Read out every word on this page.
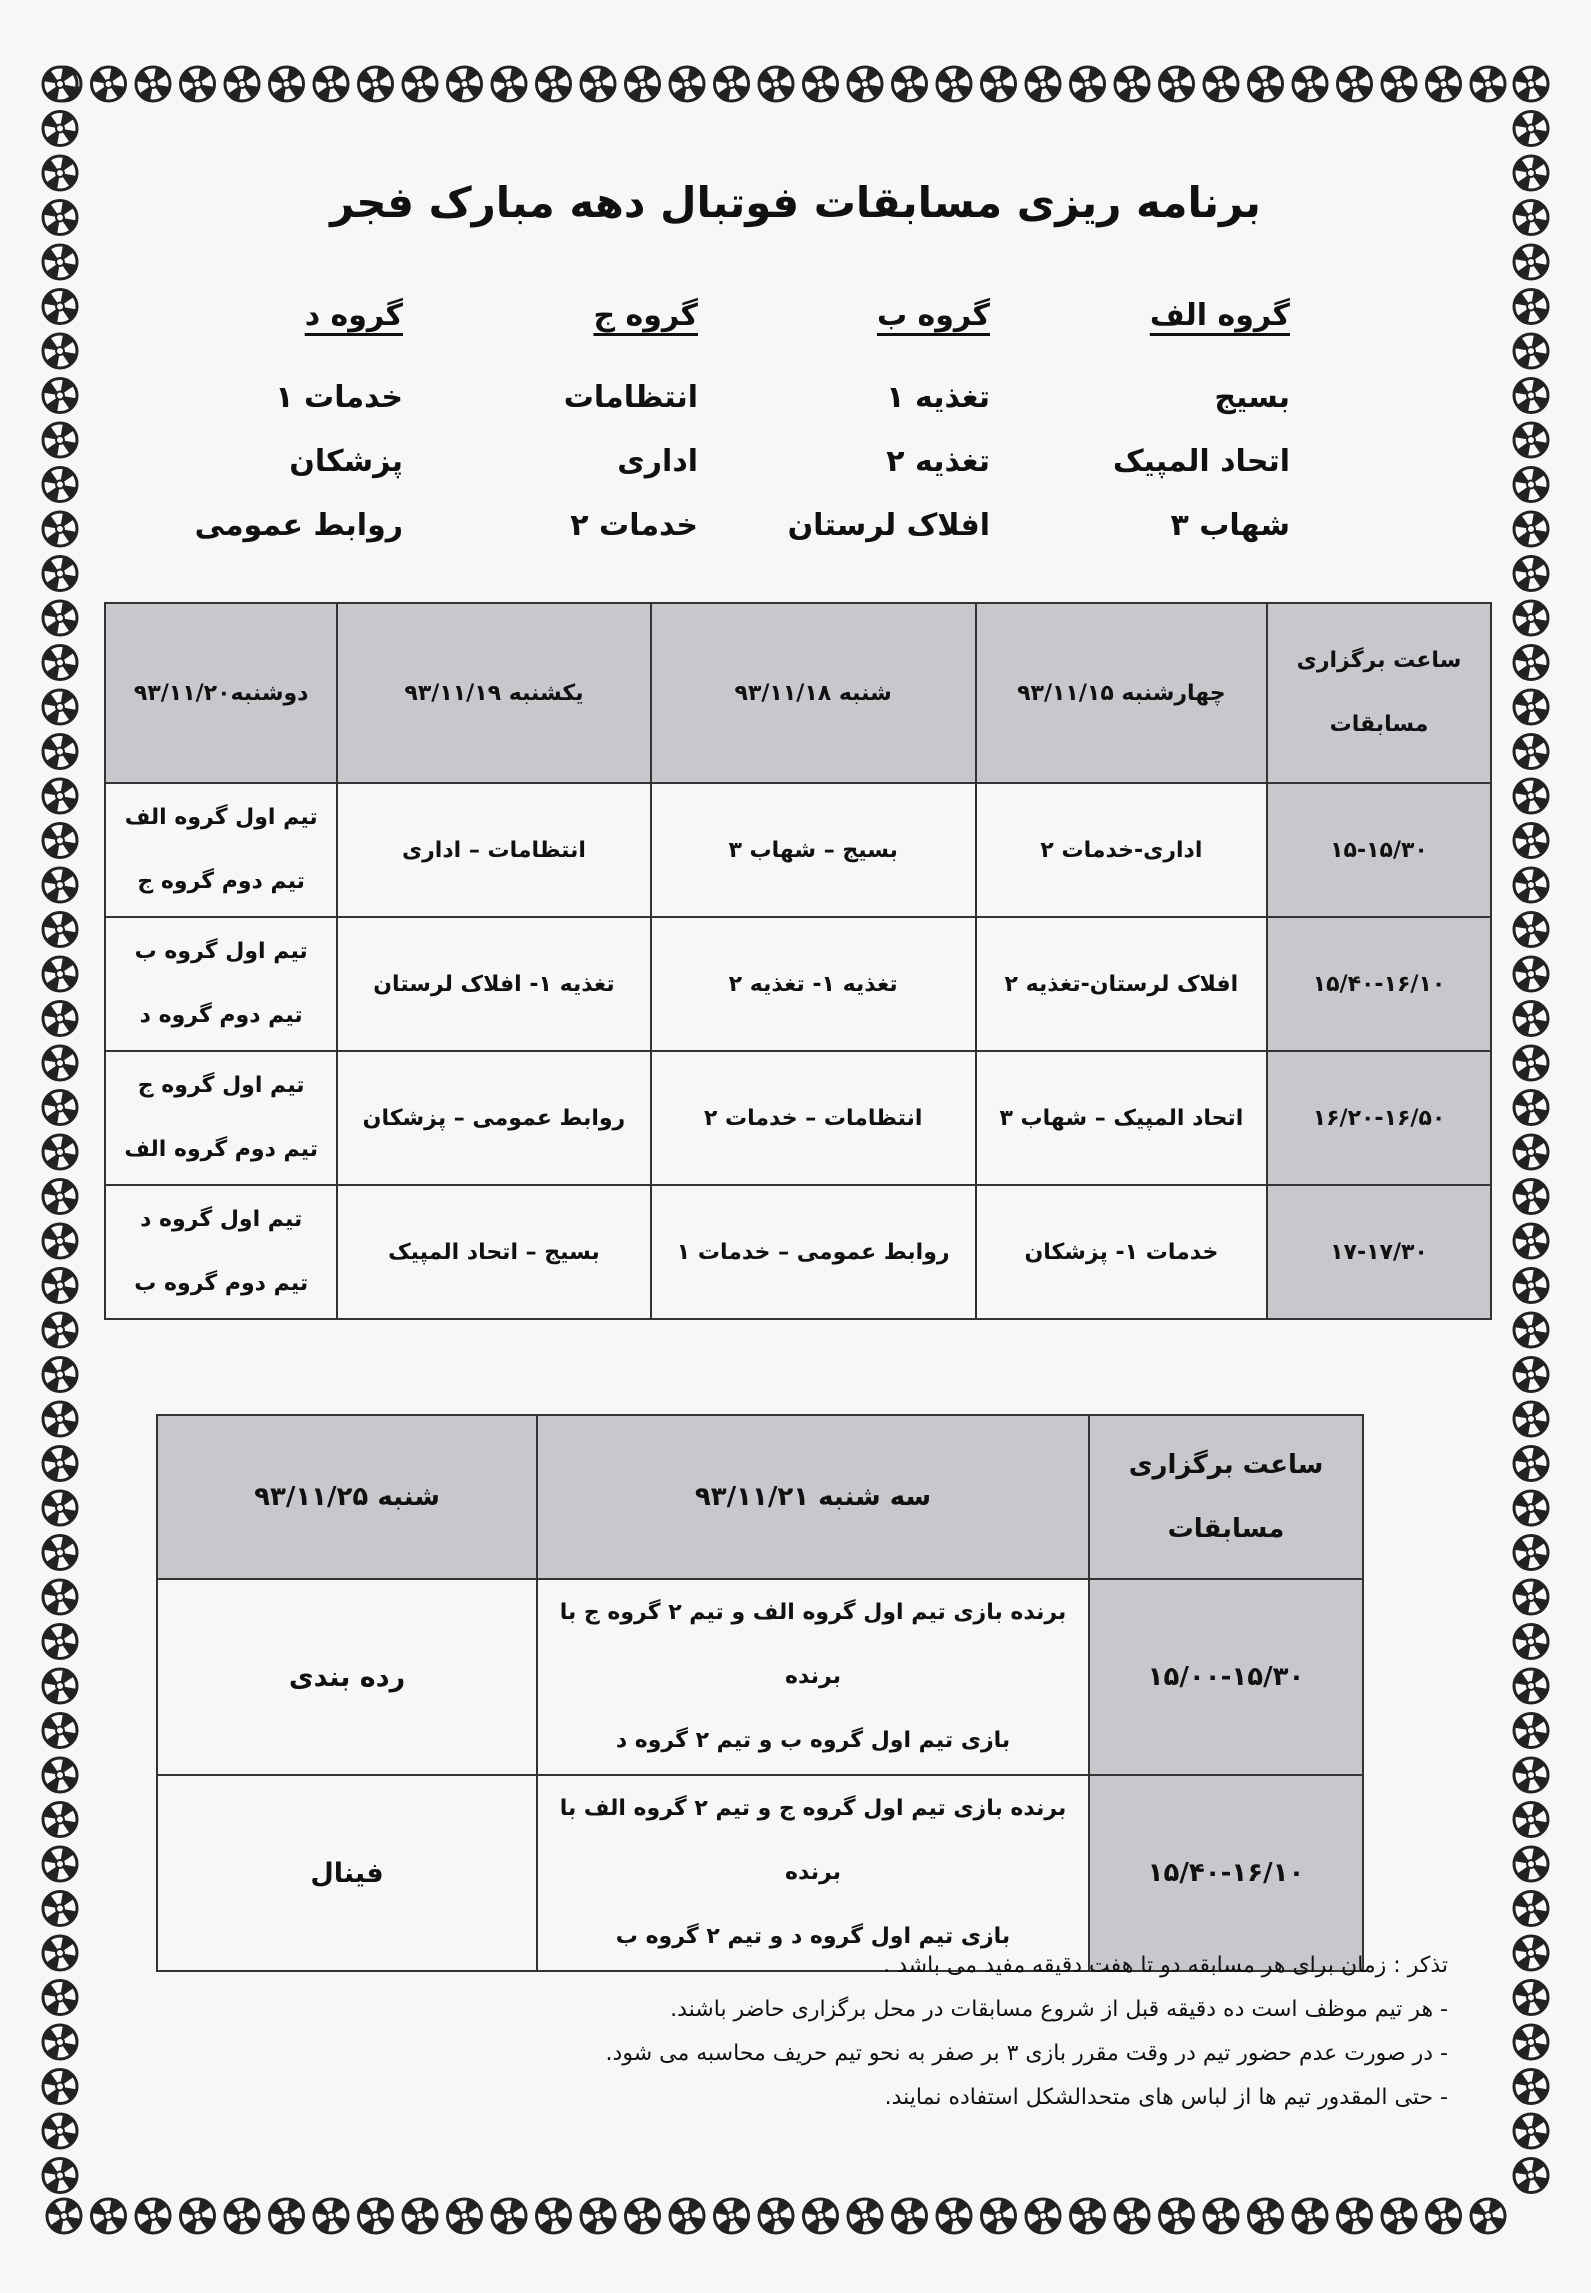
برنامه ریزی مسابقات فوتبال دهه مبارک فجر
گروه الف
بسیج
اتحاد المپیک
شهاب ۳
گروه ب
تغذیه ۱
تغذیه ۲
افلاک لرستان
گروه ج
انتظامات
اداری
خدمات ۲
گروه د
خدمات ۱
پزشکان
روابط عمومی
ساعت برگزاری
مسابقات	چهارشنبه ۹۳/۱۱/۱۵	شنبه ۹۳/۱۱/۱۸	یکشنبه ۹۳/۱۱/۱۹	دوشنبه۹۳/۱۱/۲۰
۱۵-۱۵/۳۰	اداری-خدمات ۲	بسیج – شهاب ۳	انتظامات – اداری	تیم اول گروه الف
تیم دوم گروه ج

۱۵/۴۰-۱۶/۱۰	افلاک لرستان-تغذیه ۲	تغذیه ۱- تغذیه ۲	تغذیه ۱- افلاک لرستان	تیم اول گروه ب
تیم دوم گروه د

۱۶/۲۰-۱۶/۵۰	اتحاد المپیک – شهاب ۳	انتظامات – خدمات ۲	روابط عمومی – پزشکان	تیم اول گروه ج
تیم دوم گروه الف

۱۷-۱۷/۳۰	خدمات ۱- پزشکان	روابط عمومی – خدمات ۱	بسیج – اتحاد المپیک	تیم اول گروه د
تیم دوم گروه ب
ساعت برگزاری
مسابقات	سه شنبه ۹۳/۱۱/۲۱	شنبه ۹۳/۱۱/۲۵
۱۵/۰۰-۱۵/۳۰	برنده بازی تیم اول گروه الف و تیم ۲ گروه ج با برنده
بازی تیم اول گروه ب و تیم ۲ گروه د	رده بندی
۱۵/۴۰-۱۶/۱۰	برنده بازی تیم اول گروه ج و تیم ۲ گروه الف با برنده
بازی تیم اول گروه د و تیم ۲ گروه ب	فینال
تذکر : زمان برای هر مسابقه دو تا هفت دقیقه مفید می باشد .
- هر تیم موظف است ده دقیقه قبل از شروع مسابقات در محل برگزاری حاضر باشند.
- در صورت عدم حضور تیم در وقت مقرر بازی ۳ بر صفر به نحو تیم حریف محاسبه می شود.
- حتی المقدور تیم ها از لباس های متحدالشکل استفاده نمایند.
